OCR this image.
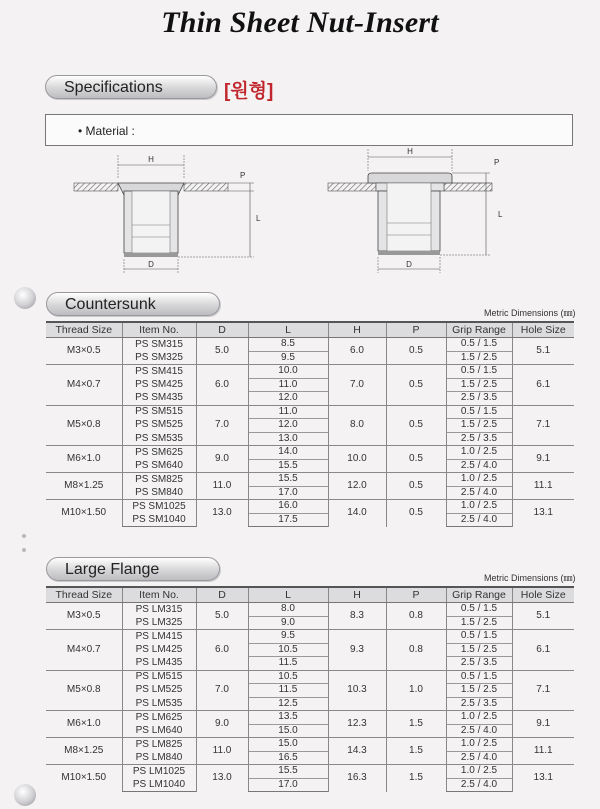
Thin Sheet Nut-Insert
Specifications	[원형]
• Material :
H
P
L
D
H
P
L
D
Countersunk	Metric Dimensions (㎜)
Thread Size	Item No.	D	L	H	P	Grip Range	Hole Size
M3×0.5	PS SM315	5.0	8.5	6.0	0.5	0.5 / 1.5	5.1
	PS SM325		9.5			1.5 / 2.5	
M4×0.7	PS SM415	6.0	10.0	7.0	0.5	0.5 / 1.5	6.1
	PS SM425		11.0			1.5 / 2.5	
	PS SM435		12.0			2.5 / 3.5	
M5×0.8	PS SM515	7.0	11.0	8.0	0.5	0.5 / 1.5	7.1
	PS SM525		12.0			1.5 / 2.5	
	PS SM535		13.0			2.5 / 3.5	
M6×1.0	PS SM625	9.0	14.0	10.0	0.5	1.0 / 2.5	9.1
	PS SM640		15.5			2.5 / 4.0	
M8×1.25	PS SM825	11.0	15.5	12.0	0.5	1.0 / 2.5	11.1
	PS SM840		17.0			2.5 / 4.0	
M10×1.50	PS SM1025	13.0	16.0	14.0	0.5	1.0 / 2.5	13.1
	PS SM1040		17.5			2.5 / 4.0	
Large Flange	Metric Dimensions (㎜)
Thread Size	Item No.	D	L	H	P	Grip Range	Hole Size
M3×0.5	PS LM315	5.0	8.0	8.3	0.8	0.5 / 1.5	5.1
	PS LM325		9.0			1.5 / 2.5	
M4×0.7	PS LM415	6.0	9.5	9.3	0.8	0.5 / 1.5	6.1
	PS LM425		10.5			1.5 / 2.5	
	PS LM435		11.5			2.5 / 3.5	
M5×0.8	PS LM515	7.0	10.5	10.3	1.0	0.5 / 1.5	7.1
	PS LM525		11.5			1.5 / 2.5	
	PS LM535		12.5			2.5 / 3.5	
M6×1.0	PS LM625	9.0	13.5	12.3	1.5	1.0 / 2.5	9.1
	PS LM640		15.0			2.5 / 4.0	
M8×1.25	PS LM825	11.0	15.0	14.3	1.5	1.0 / 2.5	11.1
	PS LM840		16.5			2.5 / 4.0	
M10×1.50	PS LM1025	13.0	15.5	16.3	1.5	1.0 / 2.5	13.1
	PS LM1040		17.0			2.5 / 4.0	
